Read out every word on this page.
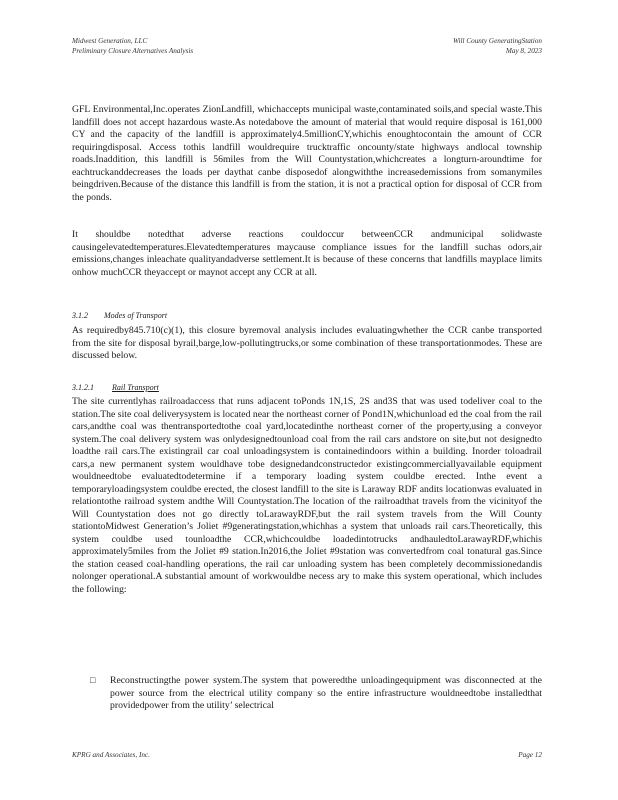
Midwest Generation, LLC
Preliminary Closure Alternatives Analysis
Will County GeneratingStation
May 8, 2023

GFL Environmental,Inc.operates ZionLandfill, whichaccepts municipal waste,contaminated soils,and special waste.This landfill does not accept hazardous waste.As notedabove the amount of material that would require disposal is 161,000 CY and the capacity of the landfill is approximately4.5millionCY,whichis enoughtocontain the amount of CCR requiringdisposal. Access tothis landfill wouldrequire trucktraffic oncounty/state highways andlocal township roads.Inaddition, this landfill is 56miles from the Will Countystation,whichcreates a longturn-aroundtime for eachtruckanddecreases the loads per daythat canbe disposedof alongwiththe increasedemissions from somanymiles beingdriven.Because of the distance this landfill is from the station, it is not a practical option for disposal of CCR from the ponds.

It shouldbe notedthat adverse reactions couldoccur betweenCCR andmunicipal solidwaste causingelevatedtemperatures.Elevatedtemperatures maycause compliance issues for the landfill suchas odors,air emissions,changes inleachate qualityandadverse settlement.It is because of these concerns that landfills mayplace limits onhow muchCCR theyaccept or maynot accept any CCR at all.

3.1.2 Modes of Transport

As requiredby845.710(c)(1), this closure byremoval analysis includes evaluatingwhether the CCR canbe transported from the site for disposal byrail,barge,low-pollutingtrucks,or some combination of these transportationmodes. These are discussed below.

3.1.2.1 Rail Transport

The site currentlyhas railroadaccess that runs adjacent toPonds 1N,1S, 2S and3S that was used todeliver coal to the station.The site coal deliverysystem is located near the northeast corner of Pond1N,whichunload ed the coal from the rail cars,andthe coal was thentransportedtothe coal yard,locatedinthe northeast corner of the property,using a conveyor system.The coal delivery system was onlydesignedtounload coal from the rail cars andstore on site,but not designedto loadthe rail cars.The existingrail car coal unloadingsystem is containedindoors within a building. Inorder toloadrail cars,a new permanent system wouldhave tobe designedandconstructedor existingcommerciallyavailable equipment wouldneedtobe evaluatedtodetermine if a temporary loading system couldbe erected. Inthe event a temporaryloadingsystem couldbe erected, the closest landfill to the site is Laraway RDF andits locationwas evaluated in relationtothe railroad system andthe Will Countystation.The location of the railroadthat travels from the vicinityof the Will Countystation does not go directly toLarawayRDF,but the rail system travels from the Will County stationtoMidwest Generation’s Joliet #9generatingstation,whichhas a system that unloads rail cars.Theoretically, this system couldbe used tounloadthe CCR,whichcouldbe loadedintotrucks andhauledtoLarawayRDF,whichis approximately5miles from the Joliet #9 station.In2016,the Joliet #9station was convertedfrom coal tonatural gas.Since the station ceased coal-handling operations, the rail car unloading system has been completely decommissionedandis nolonger operational.A substantial amount of workwouldbe necess ary to make this system operational, which includes the following:

□	Reconstructingthe power system.The system that poweredthe unloadingequipment was disconnected at the power source from the electrical utility company so the entire infrastructure wouldneedtobe installedthat providedpower from the utility’ selectrical
KPRG and Associates, Inc.	Page 12
